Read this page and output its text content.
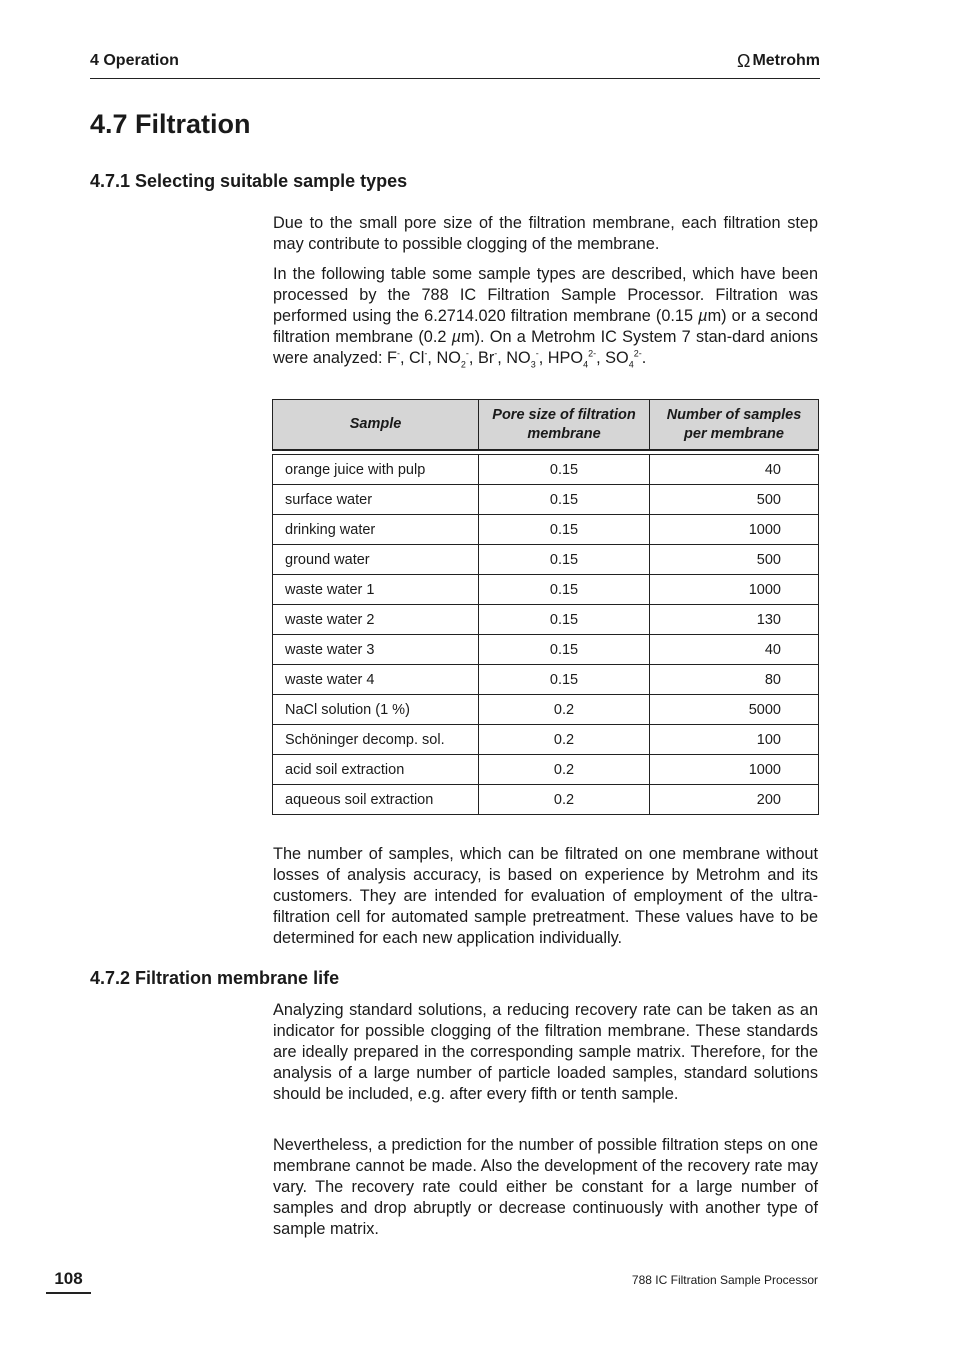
4 Operation	Ω Metrohm
4.7 Filtration
4.7.1 Selecting suitable sample types

Due to the small pore size of the filtration membrane, each filtration step may contribute to possible clogging of the membrane.

In the following table some sample types are described, which have been processed by the 788 IC Filtration Sample Processor. Filtration was performed using the 6.2714.020 filtration membrane (0.15 µm) or a second filtration membrane (0.2 µm). On a Metrohm IC System 7 stan-dard anions were analyzed: F-, Cl-, $NO_2^-$, Br-, $NO_3^-$, $HPO_4^{2-}$, $SO_4^{2-}$.

Sample	Pore size of filtration membrane	Number of samples per membrane

orange juice with pulp	0.15	40
surface water	0.15	500
drinking water	0.15	1000
ground water	0.15	500
waste water 1	0.15	1000
waste water 2	0.15	130
waste water 3	0.15	40
waste water 4	0.15	80
NaCl solution (1 %)	0.2	5000
Schöninger decomp. sol.	0.2	100
acid soil extraction	0.2	1000
aqueous soil extraction	0.2	200

The number of samples, which can be filtrated on one membrane without losses of analysis accuracy, is based on experience by Metrohm and its customers. They are intended for evaluation of employment of the ultra-filtration cell for automated sample pretreatment. These values have to be determined for each new application individually.

4.7.2 Filtration membrane life

Analyzing standard solutions, a reducing recovery rate can be taken as an indicator for possible clogging of the filtration membrane. These standards are ideally prepared in the corresponding sample matrix. Therefore, for the analysis of a large number of particle loaded samples, standard solutions should be included, e.g. after every fifth or tenth sample.

Nevertheless, a prediction for the number of possible filtration steps on one membrane cannot be made. Also the development of the recovery rate may vary. The recovery rate could either be constant for a large number of samples and drop abruptly or decrease continuously with another type of sample matrix.

108	788 IC Filtration Sample Processor
